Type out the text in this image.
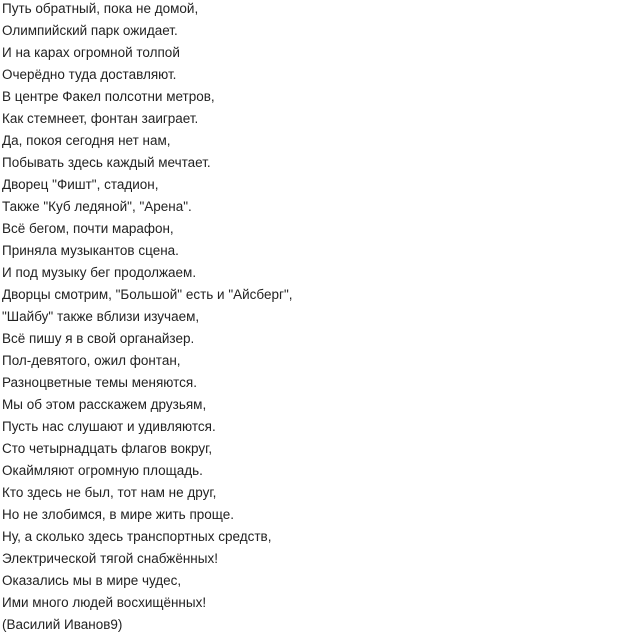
Путь обратный, пока не домой,

Олимпийский парк ожидает.

И на карах огромной толпой

Очерёдно туда доставляют.

В центре Факел полсотни метров,

Как стемнеет, фонтан заиграет.

Да, покоя сегодня нет нам,

Побывать здесь каждый мечтает.

Дворец "Фишт", стадион,

Также "Куб ледяной", "Арена".

Всё бегом, почти марафон,

Приняла музыкантов сцена.

И под музыку бег продолжаем.

Дворцы смотрим, "Большой" есть и "Айсберг",

"Шайбу" также вблизи изучаем,

Всё пишу я в свой органайзер.

Пол-девятого, ожил фонтан,

Разноцветные темы меняются.

Мы об этом расскажем друзьям,

Пусть нас слушают и удивляются.

Сто четырнадцать флагов вокруг,

Окаймляют огромную площадь.

Кто здесь не был, тот нам не друг,

Но не злобимся, в мире жить проще.

Ну, а сколько здесь транспортных средств,

Электрической тягой снабжённых!

Оказались мы в мире чудес,

Ими много людей восхищённых!

(Василий Иванов9)
